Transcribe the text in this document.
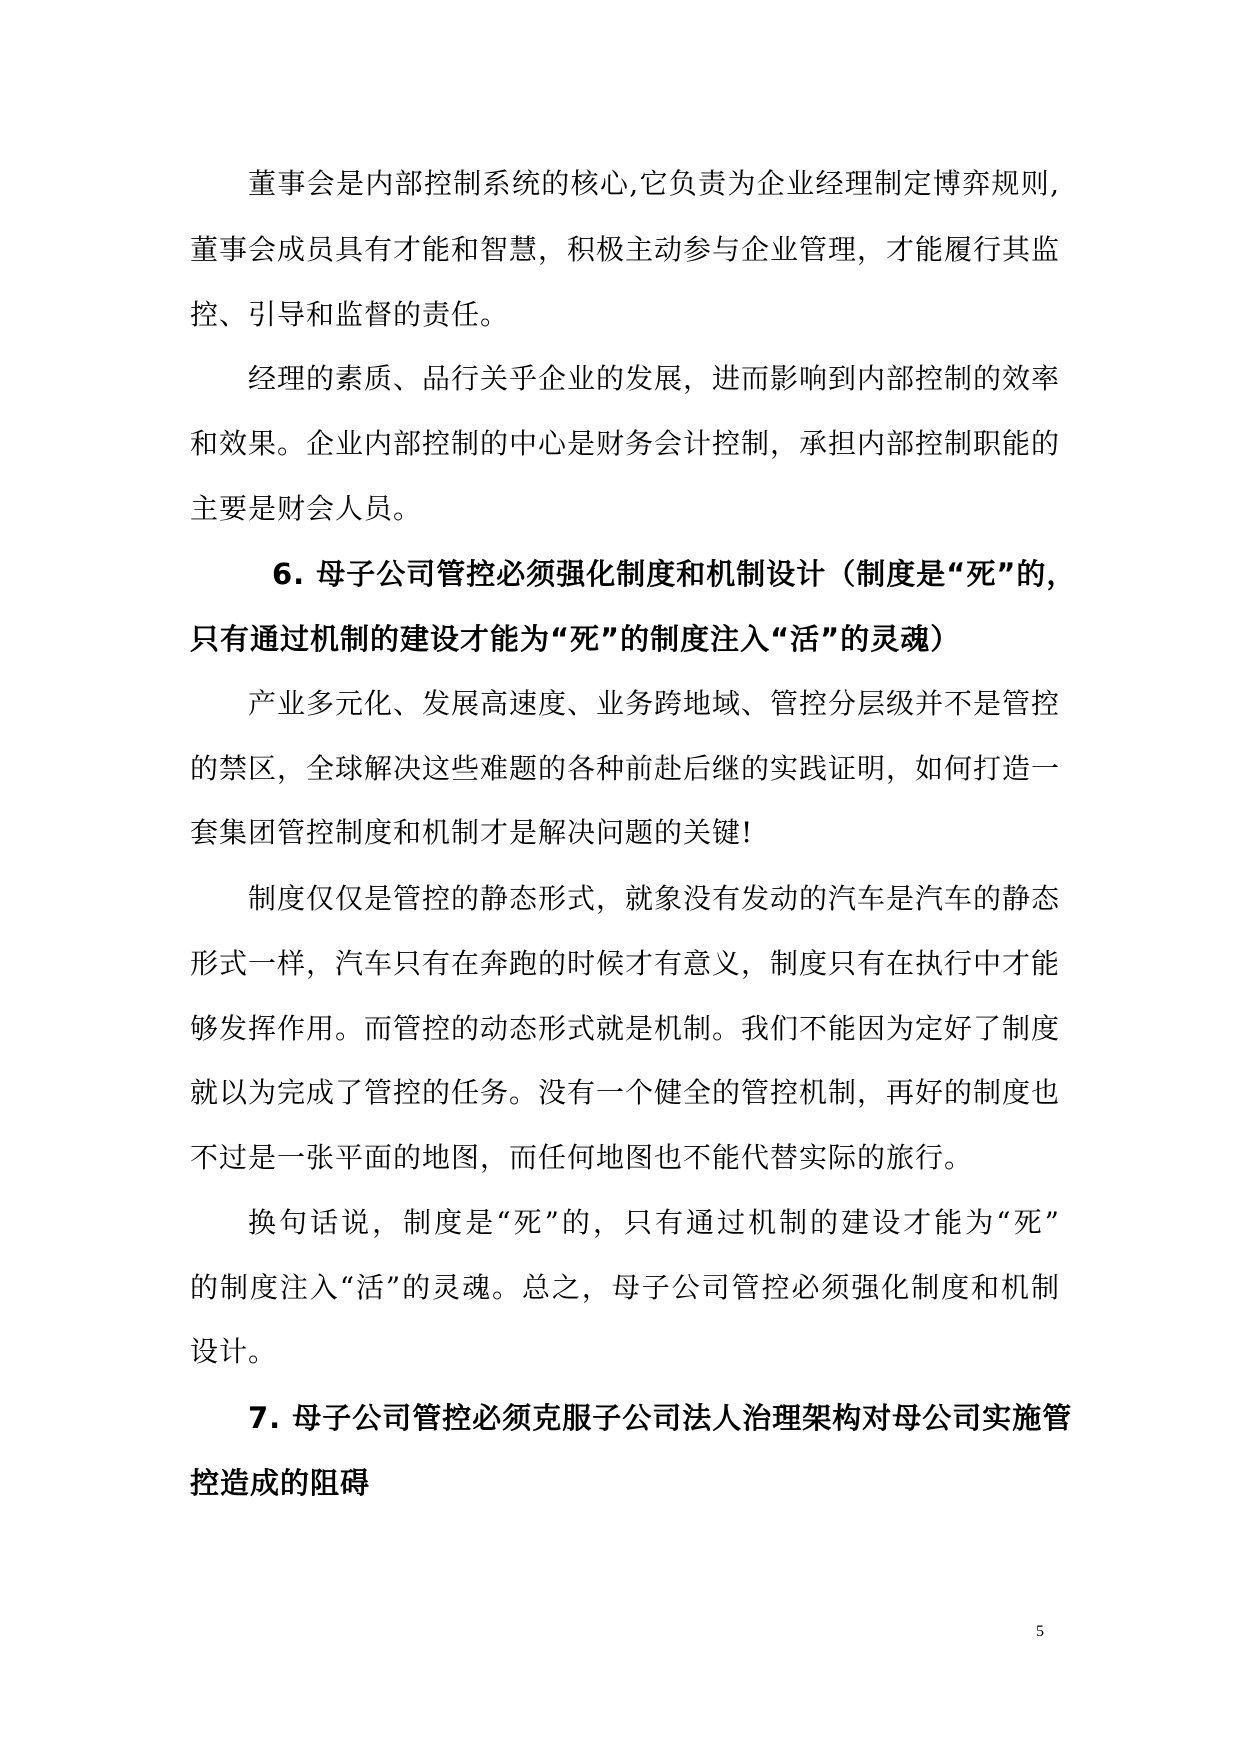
董事会是内部控制系统的核心,它负责为企业经理制定博弈规则,
董事会成员具有才能和智慧，积极主动参与企业管理，才能履行其监
控、引导和监督的责任。
经理的素质、品行关乎企业的发展，进而影响到内部控制的效率
和效果。企业内部控制的中心是财务会计控制，承担内部控制职能的
主要是财会人员。
6. 母子公司管控必须强化制度和机制设计（制度是“死”的，
只有通过机制的建设才能为“死”的制度注入“活”的灵魂）
产业多元化、发展高速度、业务跨地域、管控分层级并不是管控
的禁区，全球解决这些难题的各种前赴后继的实践证明，如何打造一
套集团管控制度和机制才是解决问题的关键!
制度仅仅是管控的静态形式，就象没有发动的汽车是汽车的静态
形式一样，汽车只有在奔跑的时候才有意义，制度只有在执行中才能
够发挥作用。而管控的动态形式就是机制。我们不能因为定好了制度
就以为完成了管控的任务。没有一个健全的管控机制，再好的制度也
不过是一张平面的地图，而任何地图也不能代替实际的旅行。
换句话说，制度是“死”的，只有通过机制的建设才能为“死”
的制度注入“活”的灵魂。总之，母子公司管控必须强化制度和机制
设计。
7. 母子公司管控必须克服子公司法人治理架构对母公司实施管
控造成的阻碍
5
